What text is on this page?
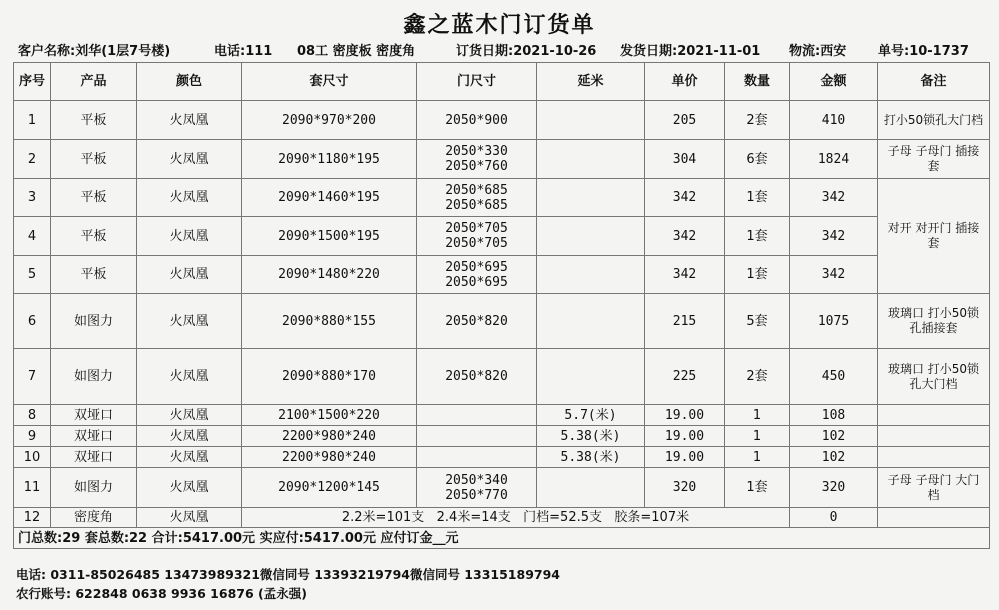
鑫之蓝木门订货单
客户名称:刘华(1层7号楼)	电话:111 08工 密度板 密度角	订货日期:2021-10-26 发货日期:2021-11-01 物流:西安 单号:10-1737
序号	产品	颜色	套尺寸	门尺寸	延米	单价	数量	金额	备注
1	平板	火凤凰	2090*970*200	2050*900		205	2套	410	打小50锁孔大门档
2	平板	火凤凰	2090*1180*195	2050*330
2050*760		304	6套	1824	子母 子母门 插接套
3	平板	火凤凰	2090*1460*195	2050*685
2050*685		342	1套	342	对开 对开门 插接套
4	平板	火凤凰	2090*1500*195	2050*705
2050*705		342	1套	342	
5	平板	火凤凰	2090*1480*220	2050*695
2050*695		342	1套	342	
6	如图力	火凤凰	2090*880*155	2050*820		215	5套	1075	玻璃口 打小50锁孔插接套
7	如图力	火凤凰	2090*880*170	2050*820		225	2套	450	玻璃口 打小50锁孔大门档
8	双垭口	火凤凰	2100*1500*220		5.7(米)	19.00	1	108	
9	双垭口	火凤凰	2200*980*240		5.38(米)	19.00	1	102	
10	双垭口	火凤凰	2200*980*240		5.38(米)	19.00	1	102	
11	如图力	火凤凰	2090*1200*145	2050*340
2050*770		320	1套	320	子母 子母门 大门档
12	密度角	火凤凰	2.2米=101支   2.4米=14支   门档=52.5支   胶条=107米					0	
门总数:29 套总数:22 合计:5417.00元 实应付:5417.00元 应付订金__元									
电话: 0311-85026485 13473989321微信同号 13393219794微信同号 13315189794
农行账号: 622848 0638 9936 16876 (孟永强)
